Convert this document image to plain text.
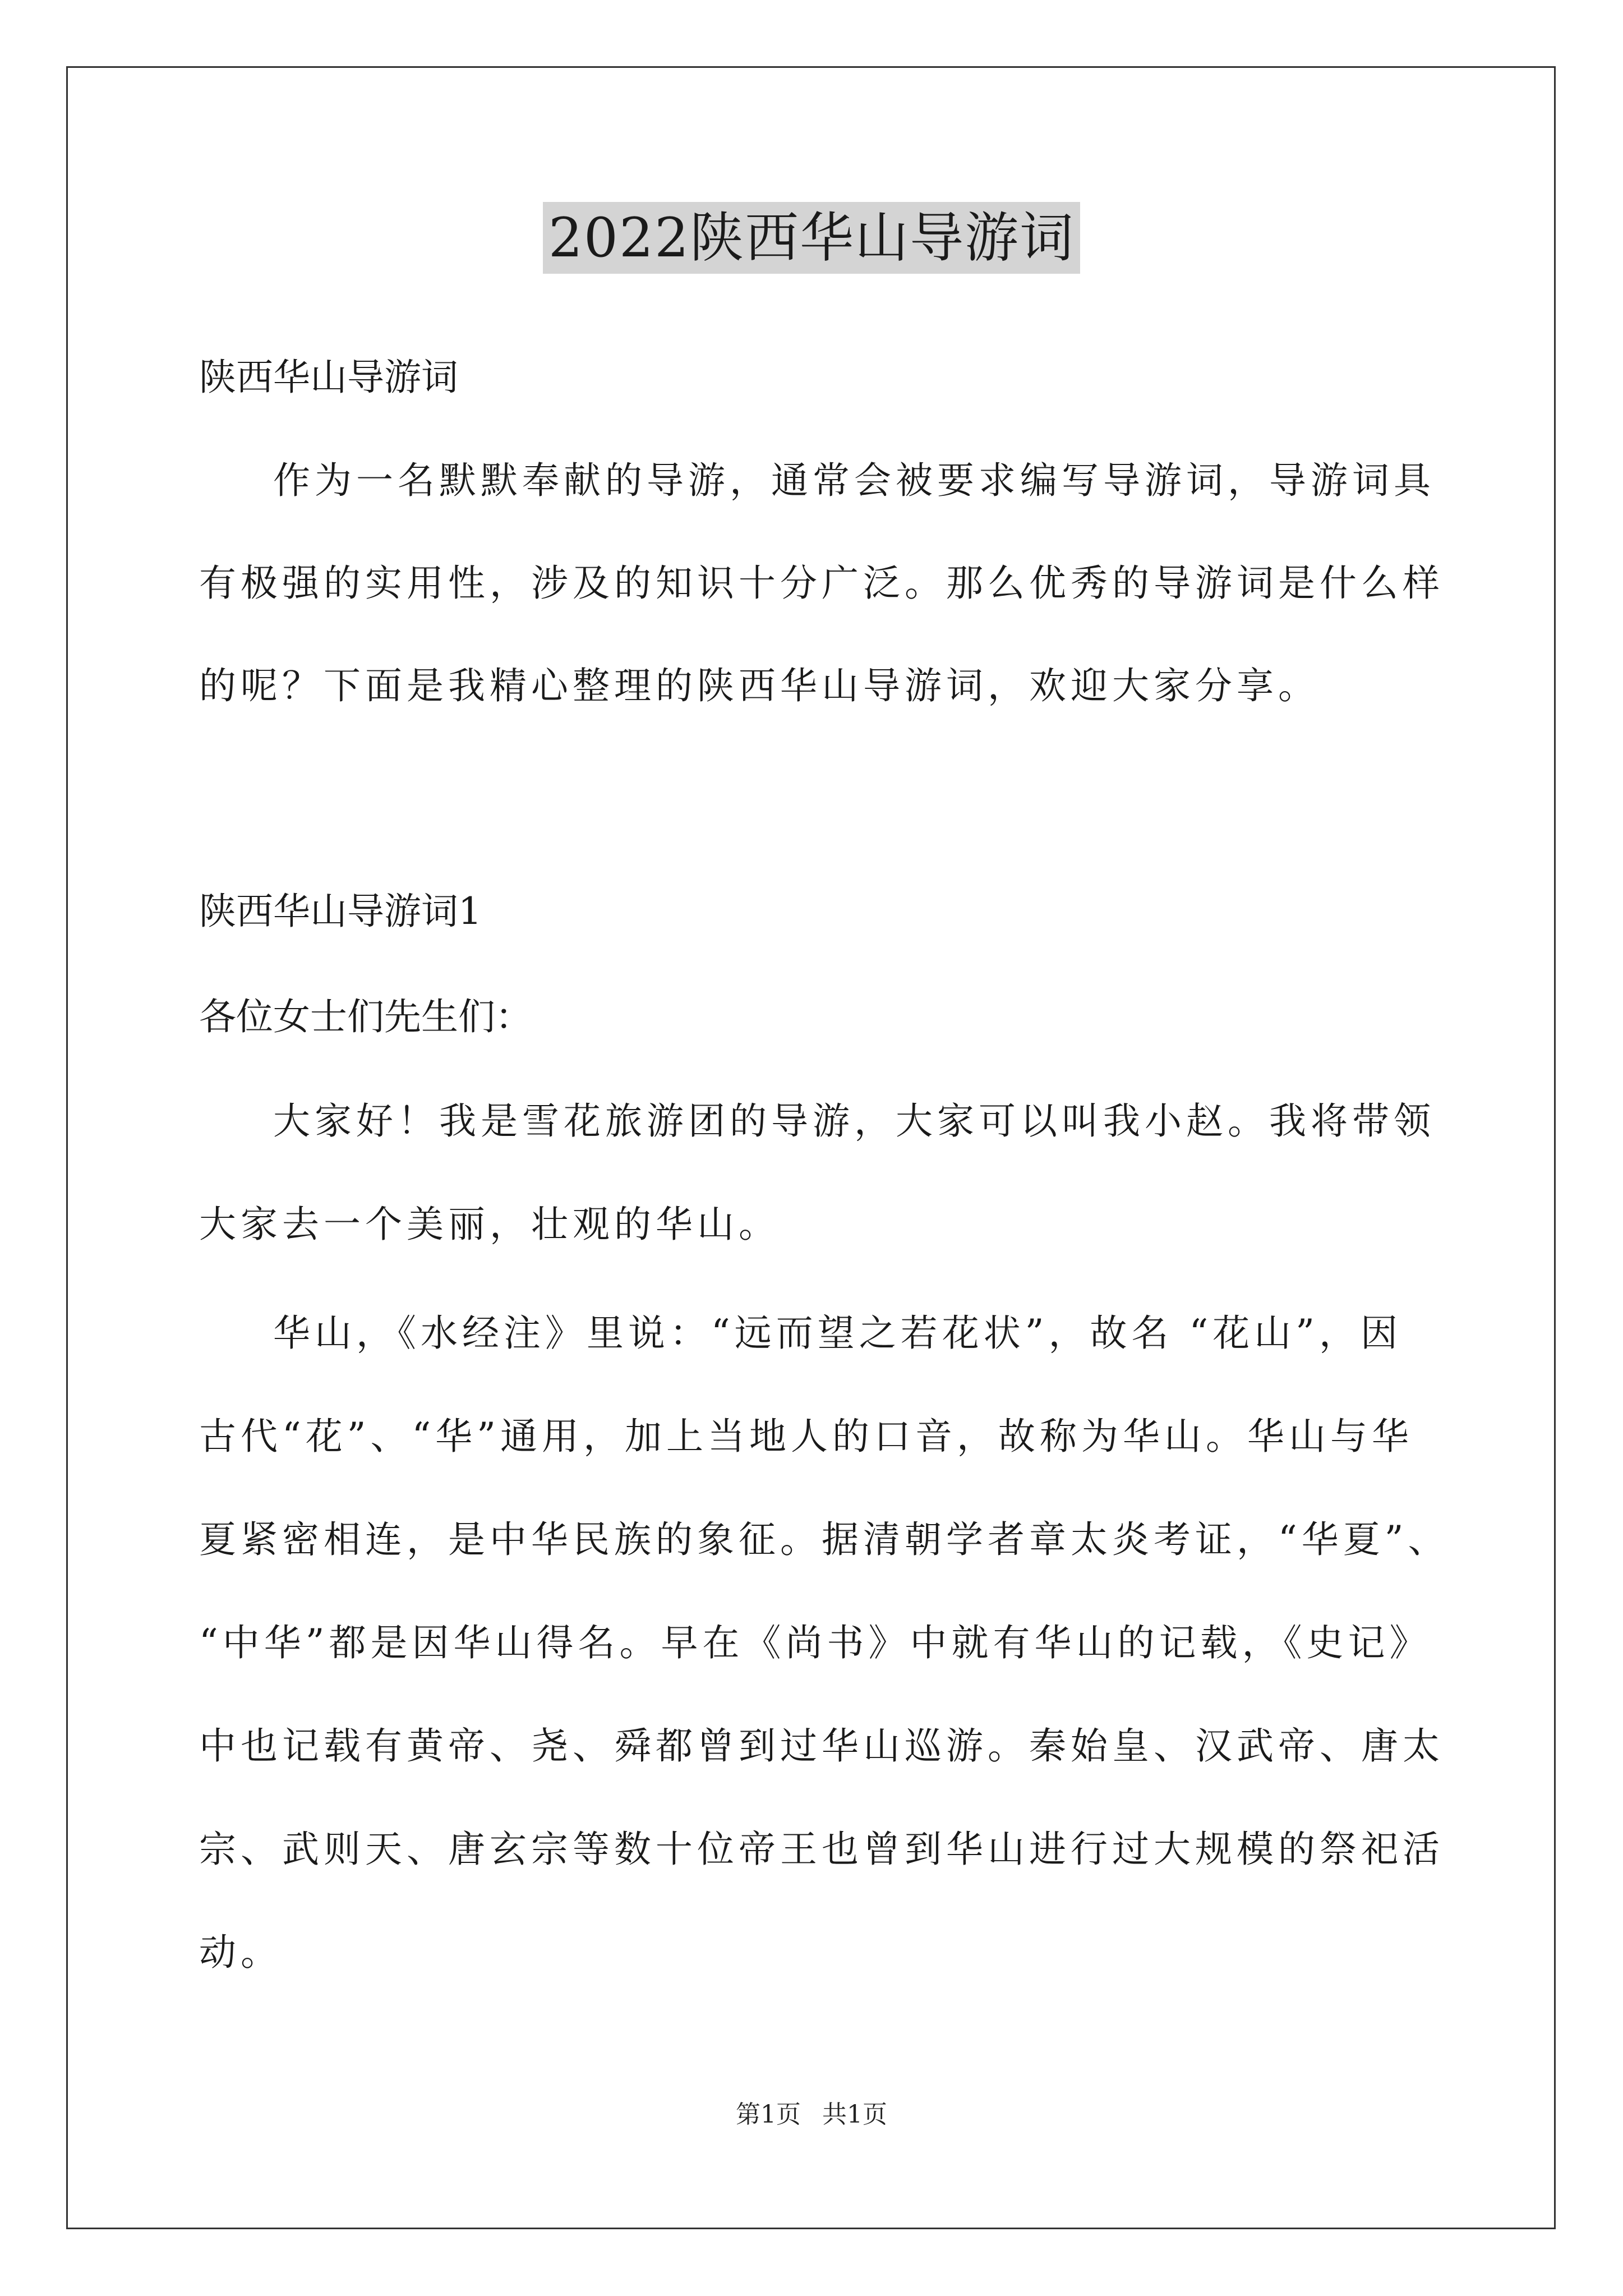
2022陕西华山导游词

陕西华山导游词

作为一名默默奉献的导游，通常会被要求编写导游词，导游词具
有极强的实用性，涉及的知识十分广泛。那么优秀的导游词是什么样
的呢？下面是我精心整理的陕西华山导游词，欢迎大家分享。

陕西华山导游词1

各位女士们先生们：

大家好！我是雪花旅游团的导游，大家可以叫我小赵。我将带领
大家去一个美丽，壮观的华山。

华山，《水经注》里说：“远而望之若花状”，故名 “花山”，因
古代“花”、“华”通用，加上当地人的口音，故称为华山。华山与华
夏紧密相连，是中华民族的象征。据清朝学者章太炎考证，“华夏”、
“中华”都是因华山得名。早在《尚书》中就有华山的记载，《史记》
中也记载有黄帝、尧、舜都曾到过华山巡游。秦始皇、汉武帝、唐太
宗、武则天、唐玄宗等数十位帝王也曾到华山进行过大规模的祭祀活
动。

第1页 共1页
